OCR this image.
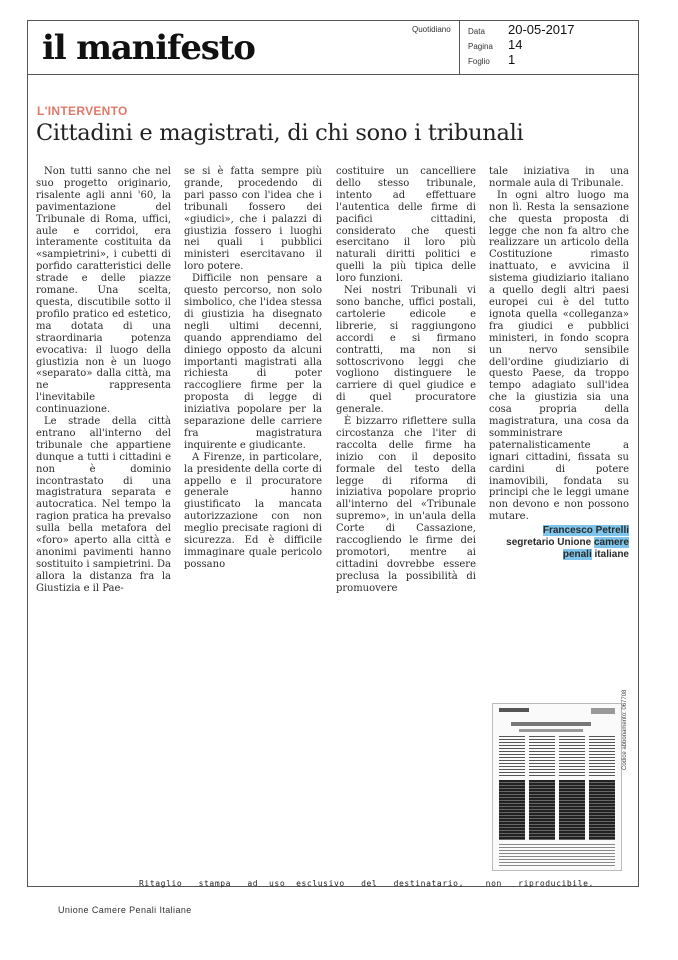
il manifesto	Quotidiano Data 20-05-2017
Pagina 14
Foglio 1
L'INTERVENTO
Cittadini e magistrati, di chi sono i tribunali

Non tutti sanno che nel suo progetto originario, risalente agli anni '60, la pavimentazione del Tribunale di Roma, uffici, aule e corridoi, era interamente costituita da «sampietrini», i cubetti di porfido caratteristici delle strade e delle piazze romane. Una scelta, questa, discutibile sotto il profilo pratico ed estetico, ma dotata di una straordinaria potenza evocativa: il luogo della giustizia non è un luogo «separato» dalla città, ma ne rappresenta l'inevitabile continuazione.

Le strade della città entrano all'interno del tribunale che appartiene dunque a tutti i cittadini e non è dominio incontrastato di una magistratura separata e autocratica. Nel tempo la ragion pratica ha prevalso sulla bella metafora del «foro» aperto alla città e anonimi pavimenti hanno sostituito i sampietrini. Da allora la distanza fra la Giustizia e il Pae-

se si è fatta sempre più grande, procedendo di pari passo con l'idea che i tribunali fossero dei «giudici», che i palazzi di giustizia fossero i luoghi nei quali i pubblici ministeri esercitavano il loro potere.

Difficile non pensare a questo percorso, non solo simbolico, che l'idea stessa di giustizia ha disegnato negli ultimi decenni, quando apprendiamo del diniego opposto da alcuni importanti magistrati alla richiesta di poter raccogliere firme per la proposta di legge di iniziativa popolare per la separazione delle carriere fra magistratura inquirente e giudicante.

A Firenze, in particolare, la presidente della corte di appello e il procuratore generale hanno giustificato la mancata autorizzazione con non meglio precisate ragioni di sicurezza. Ed è difficile immaginare quale pericolo possano

costituire un cancelliere dello stesso tribunale, intento ad effettuare l'autentica delle firme di pacifici cittadini, considerato che questi esercitano il loro più naturali diritti politici e quelli la più tipica delle loro funzioni.

Nei nostri Tribunali vi sono banche, uffici postali, cartolerie edicole e librerie, si raggiungono accordi e si firmano contratti, ma non si sottoscrivono leggi che vogliono distinguere le carriere di quel giudice e di quel procuratore generale.

È bizzarro riflettere sulla circostanza che l'iter di raccolta delle firme ha inizio con il deposito formale del testo della legge di riforma di iniziativa popolare proprio all'interno del «Tribunale supremo», in un'aula della Corte di Cassazione, raccogliendo le firme dei promotori, mentre ai cittadini dovrebbe essere preclusa la possibilità di promuovere

tale iniziativa in una normale aula di Tribunale.

In ogni altro luogo ma non lì. Resta la sensazione che questa proposta di legge che non fa altro che realizzare un articolo della Costituzione rimasto inattuato, e avvicina il sistema giudiziario italiano a quello degli altri paesi europei cui è del tutto ignota quella «colleganza» fra giudici e pubblici ministeri, in fondo scopra un nervo sensibile dell'ordine giudiziario di questo Paese, da troppo tempo adagiato sull'idea che la giustizia sia una cosa propria della magistratura, una cosa da somministrare paternalisticamente a ignari cittadini, fissata su cardini di potere inamovibili, fondata su principi che le leggi umane non devono e non possono mutare.

Francesco Petrelli
segretario Unione camere
penali italiane
Codice abbonamento: 067708
Ritaglio   stampa   ad  uso  esclusivo   del   destinatario,    non   riproducibile.
Unione Camere Penali Italiane
